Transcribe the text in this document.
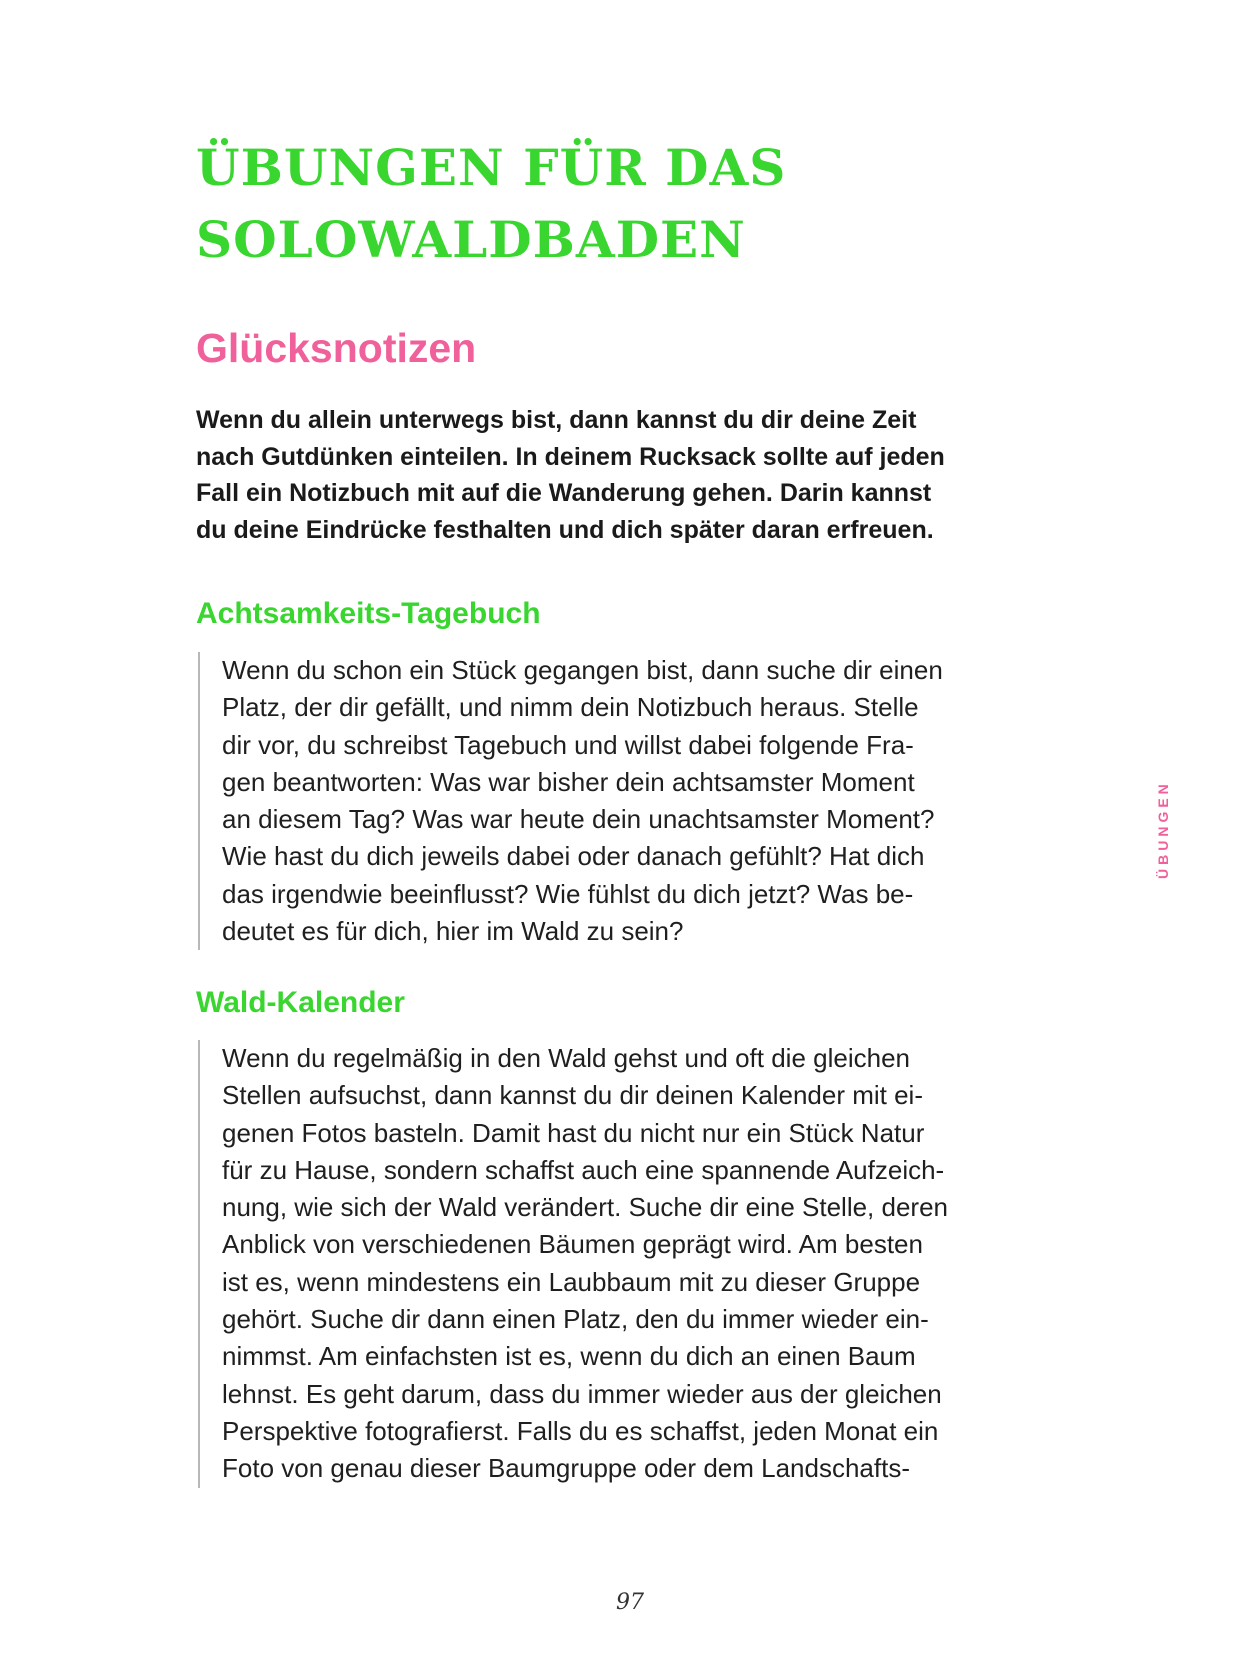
ÜBUNGEN FÜR DAS
SOLOWALDBADEN
Glücksnotizen

Wenn du allein unterwegs bist, dann kannst du dir deine Zeit
nach Gutdünken einteilen. In deinem Rucksack sollte auf jeden
Fall ein Notizbuch mit auf die Wanderung gehen. Darin kannst
du deine Eindrücke festhalten und dich später daran erfreuen.

Achtsamkeits-Tagebuch
Wenn du schon ein Stück gegangen bist, dann suche dir einen
Platz, der dir gefällt, und nimm dein Notizbuch heraus. Stelle
dir vor, du schreibst Tagebuch und willst dabei folgende Fra-
gen beantworten: Was war bisher dein achtsamster Moment
an diesem Tag? Was war heute dein unachtsamster Moment?
Wie hast du dich jeweils dabei oder danach gefühlt? Hat dich
das irgendwie beeinflusst? Wie fühlst du dich jetzt? Was be-
deutet es für dich, hier im Wald zu sein?
Wald-Kalender
Wenn du regelmäßig in den Wald gehst und oft die gleichen
Stellen aufsuchst, dann kannst du dir deinen Kalender mit ei-
genen Fotos basteln. Damit hast du nicht nur ein Stück Natur
für zu Hause, sondern schaffst auch eine spannende Aufzeich-
nung, wie sich der Wald verändert. Suche dir eine Stelle, deren
Anblick von verschiedenen Bäumen geprägt wird. Am besten
ist es, wenn mindestens ein Laubbaum mit zu dieser Gruppe
gehört. Suche dir dann einen Platz, den du immer wieder ein-
nimmst. Am einfachsten ist es, wenn du dich an einen Baum
lehnst. Es geht darum, dass du immer wieder aus der gleichen
Perspektive fotografierst. Falls du es schaffst, jeden Monat ein
Foto von genau dieser Baumgruppe oder dem Landschafts-
ÜBUNGEN
97
